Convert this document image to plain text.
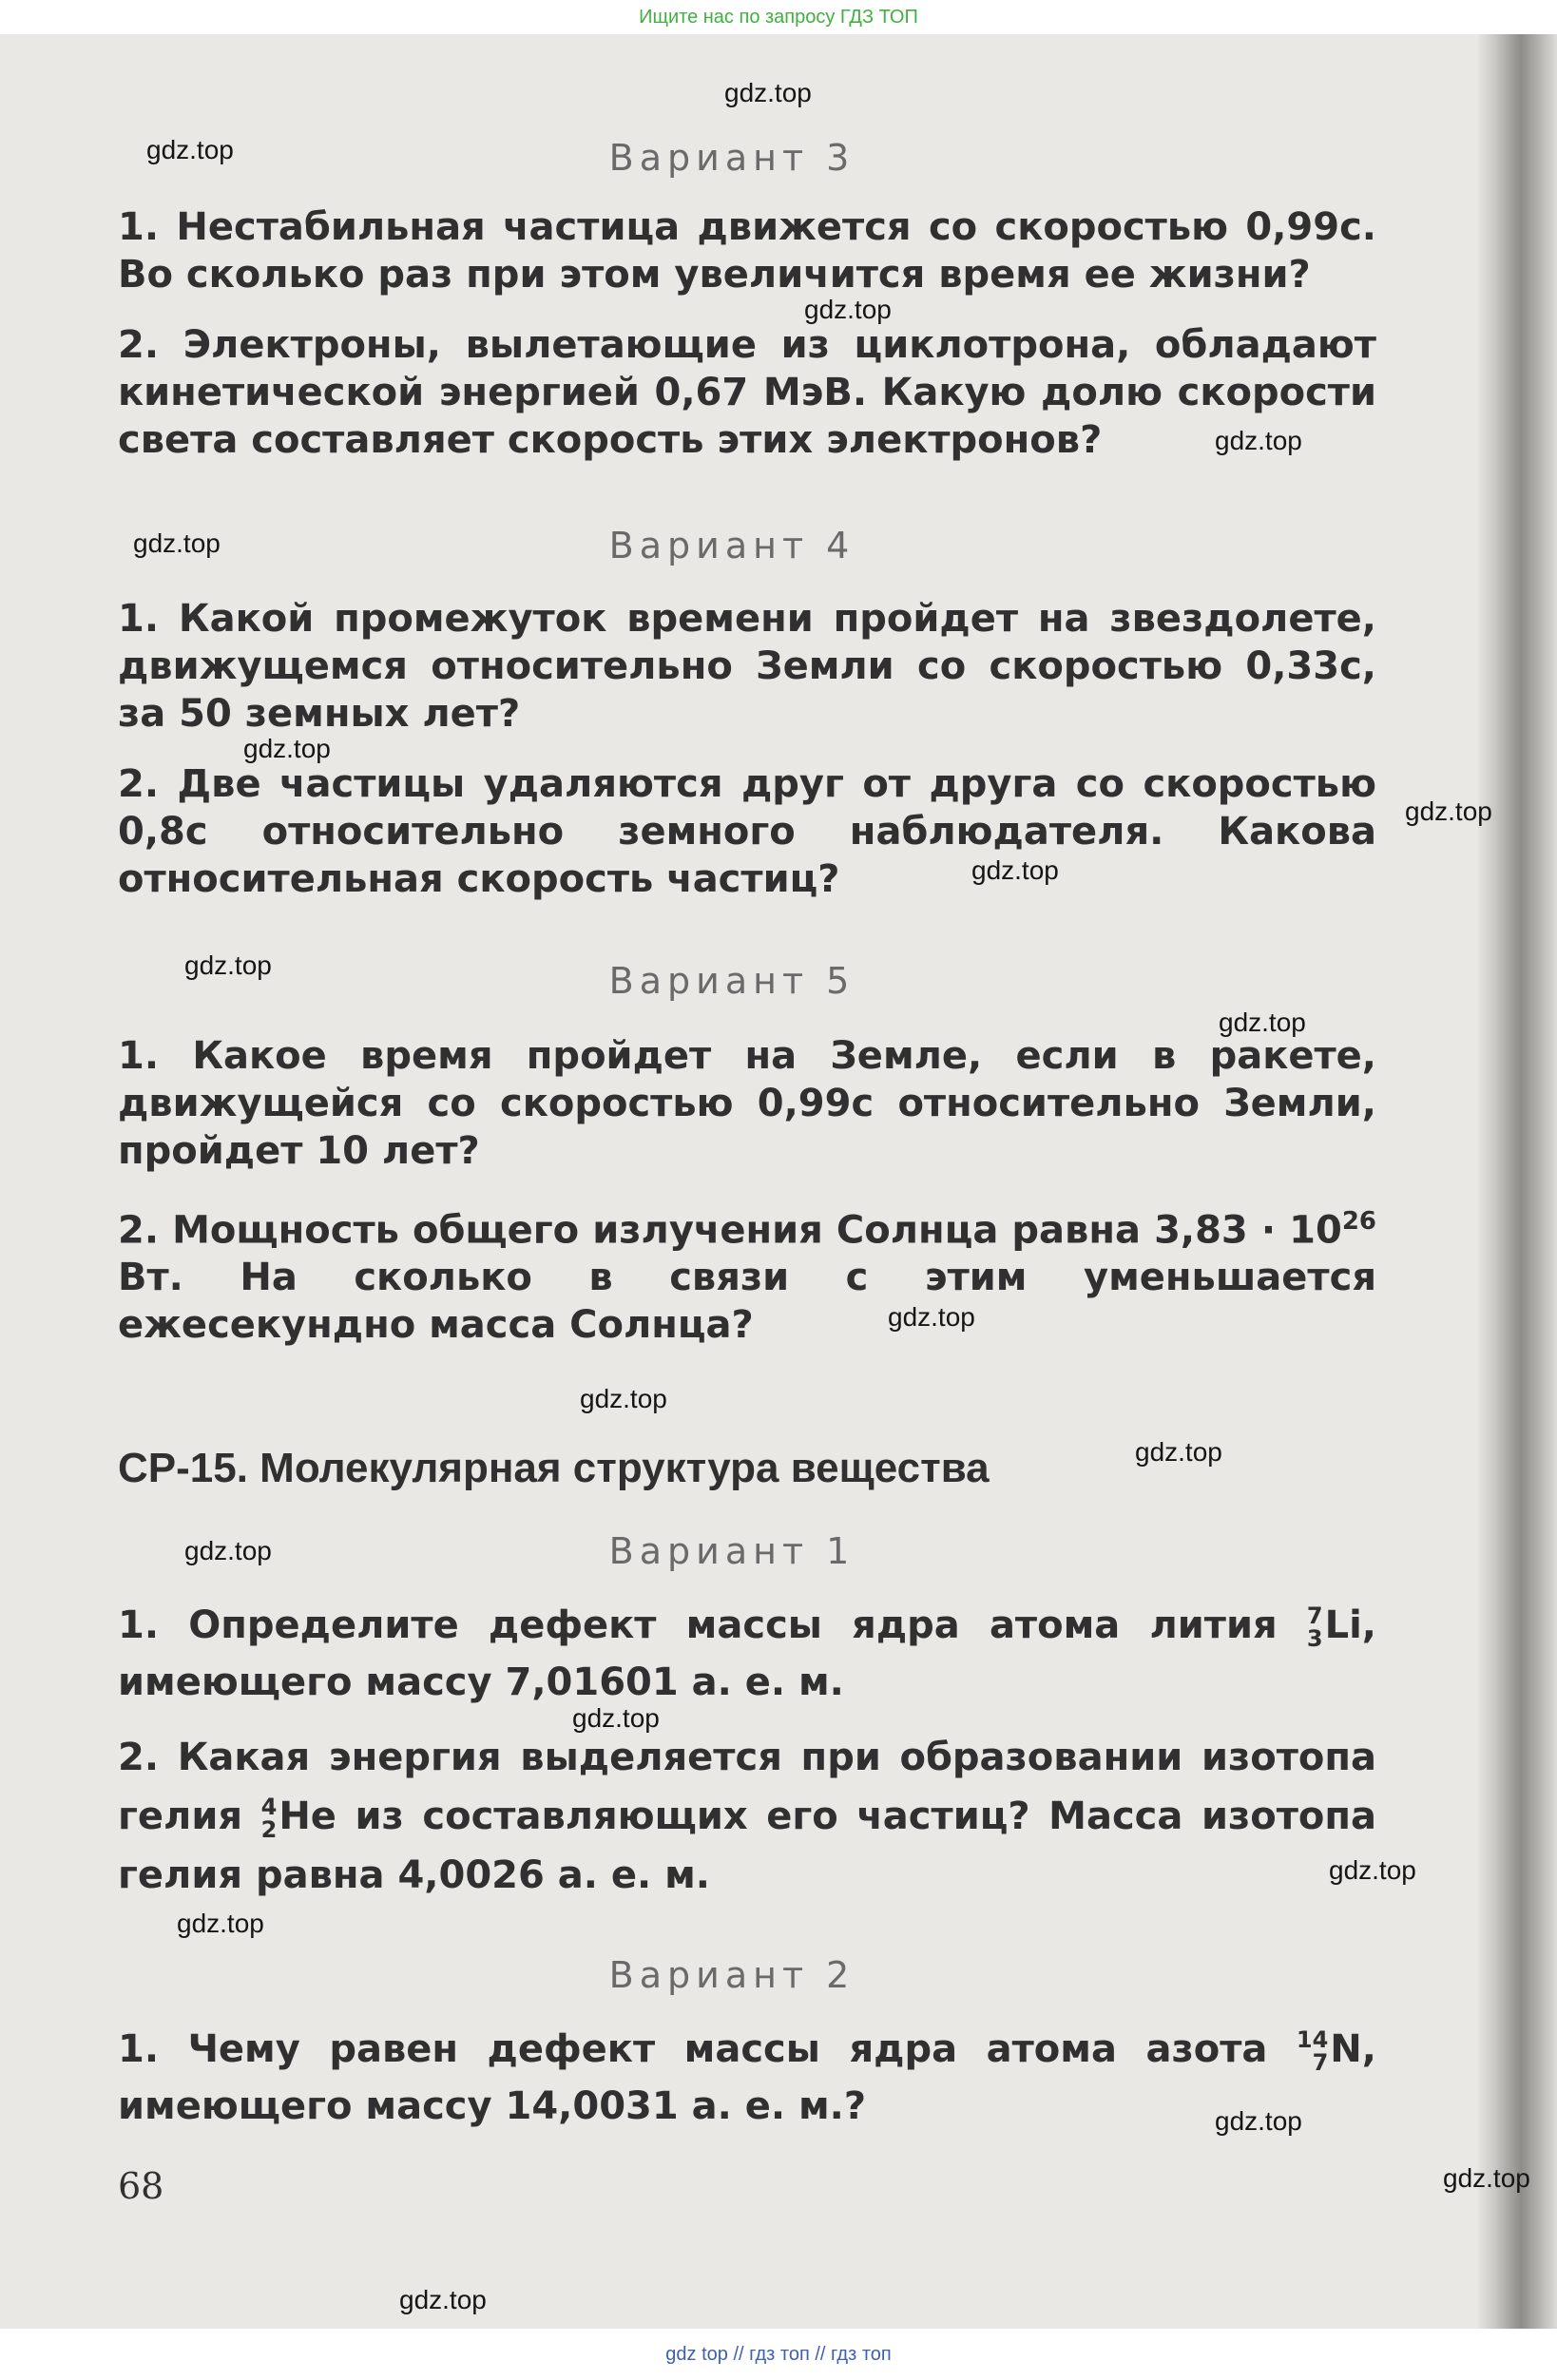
Ищите нас по запросу ГДЗ ТОП
Вариант 3
1. Нестабильная частица движется со скоростью 0,99c. Во сколько раз при этом увеличится время ее жизни?
2. Электроны, вылетающие из циклотрона, обладают кинетической энергией 0,67 МэВ. Какую долю скорости света составляет скорость этих электронов?
Вариант 4
1. Какой промежуток времени пройдет на звездолете, движущемся относительно Земли со скоростью 0,33c, за 50 земных лет?
2. Две частицы удаляются друг от друга со скоростью 0,8c относительно земного наблюдателя. Какова относительная скорость частиц?
Вариант 5
1. Какое время пройдет на Земле, если в ракете, движущейся со скоростью 0,99c относительно Земли, пройдет 10 лет?
2. Мощность общего излучения Солнца равна $3,83 \cdot 10^{26}$ Вт. На сколько в связи с этим уменьшается ежесекундно масса Солнца?
СР-15. Молекулярная структура вещества
Вариант 1
1. Определите дефект массы ядра атома лития 7
3 Li, имеющего массу 7,01601 а. е. м.
2. Какая энергия выделяется при образовании изотопа гелия 4
2 He из составляющих его частиц? Масса изотопа гелия равна 4,0026 а. е. м.
Вариант 2
1. Чему равен дефект массы ядра атома азота 14
7 N, имеющего массу 14,0031 а. е. м.?
68
gdz.top
gdz.top
gdz.top
gdz.top
gdz.top
gdz.top
gdz.top
gdz.top
gdz.top
gdz.top
gdz.top
gdz.top
gdz.top
gdz.top
gdz.top
gdz.top
gdz.top
gdz.top
gdz.top
gdz.top
gdz top // гдз топ // гдз топ
